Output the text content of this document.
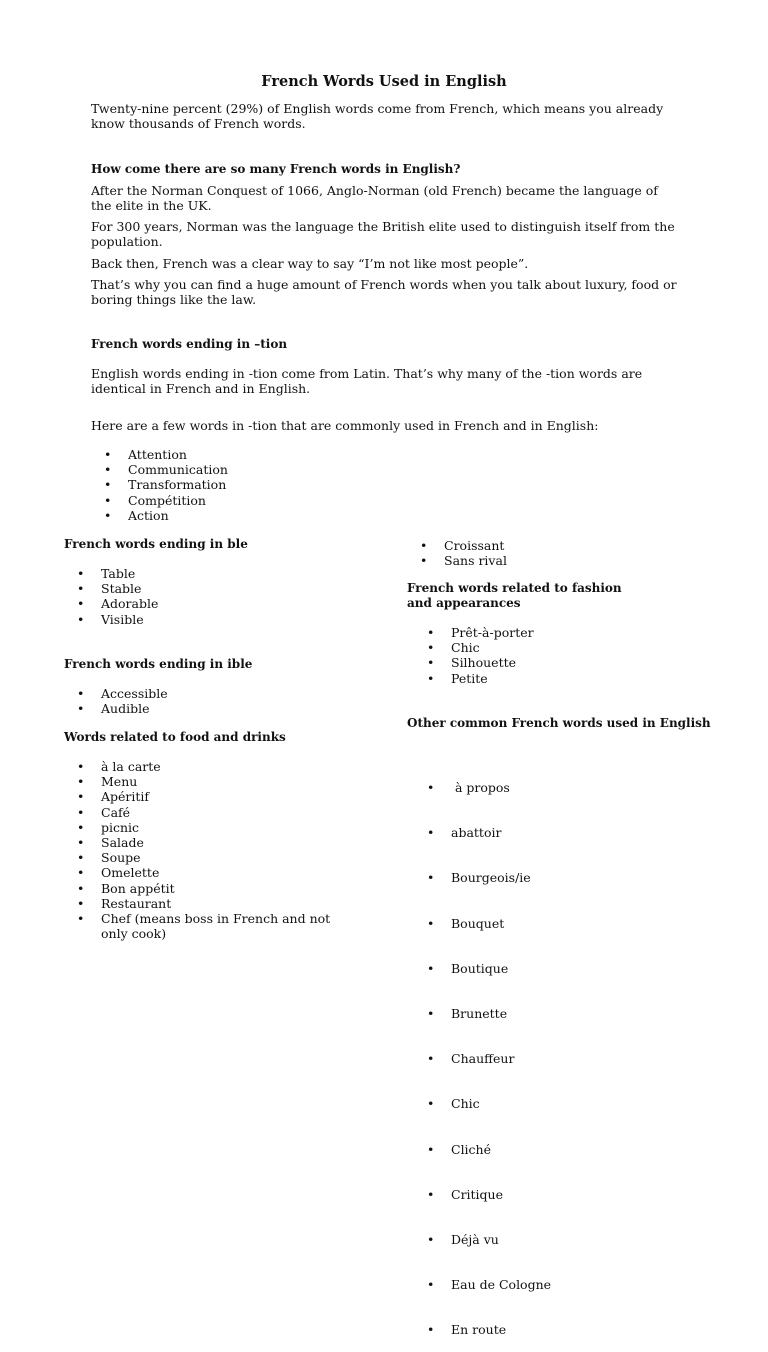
French Words Used in English

Twenty-nine percent (29%) of English words come from French, which means you already know thousands of French words.

How come there are so many French words in English?

After the Norman Conquest of 1066, Anglo-Norman (old French) became the language of the elite in the UK.

For 300 years, Norman was the language the British elite used to distinguish itself from the population.

Back then, French was a clear way to say “I’m not like most people”.

That’s why you can find a huge amount of French words when you talk about luxury, food or boring things like the law.

French words ending in –tion

English words ending in -tion come from Latin. That’s why many of the -tion words are identical in French and in English.

Here are a few words in -tion that are commonly used in French and in English:

• Attention
• Communication
• Transformation
• Compétition
• Action

French words ending in ble

• Table
• Stable
• Adorable
• Visible

French words ending in ible

• Accessible
• Audible

Words related to food and drinks

• à la carte
• Menu
• Apéritif
• Café
• picnic
• Salade
• Soupe
• Omelette
• Bon appétit
• Restaurant
• Chef (means boss in French and not only cook)
• Croissant
• Sans rival

French words related to fashion and appearances

• Prêt-à-porter
• Chic
• Silhouette
• Petite

Other common French words used in English

•  à propos

• abattoir

• Bourgeois/ie

• Bouquet

• Boutique

• Brunette

• Chauffeur

• Chic

• Cliché

• Critique

• Déjà vu

• Eau de Cologne

• En route
